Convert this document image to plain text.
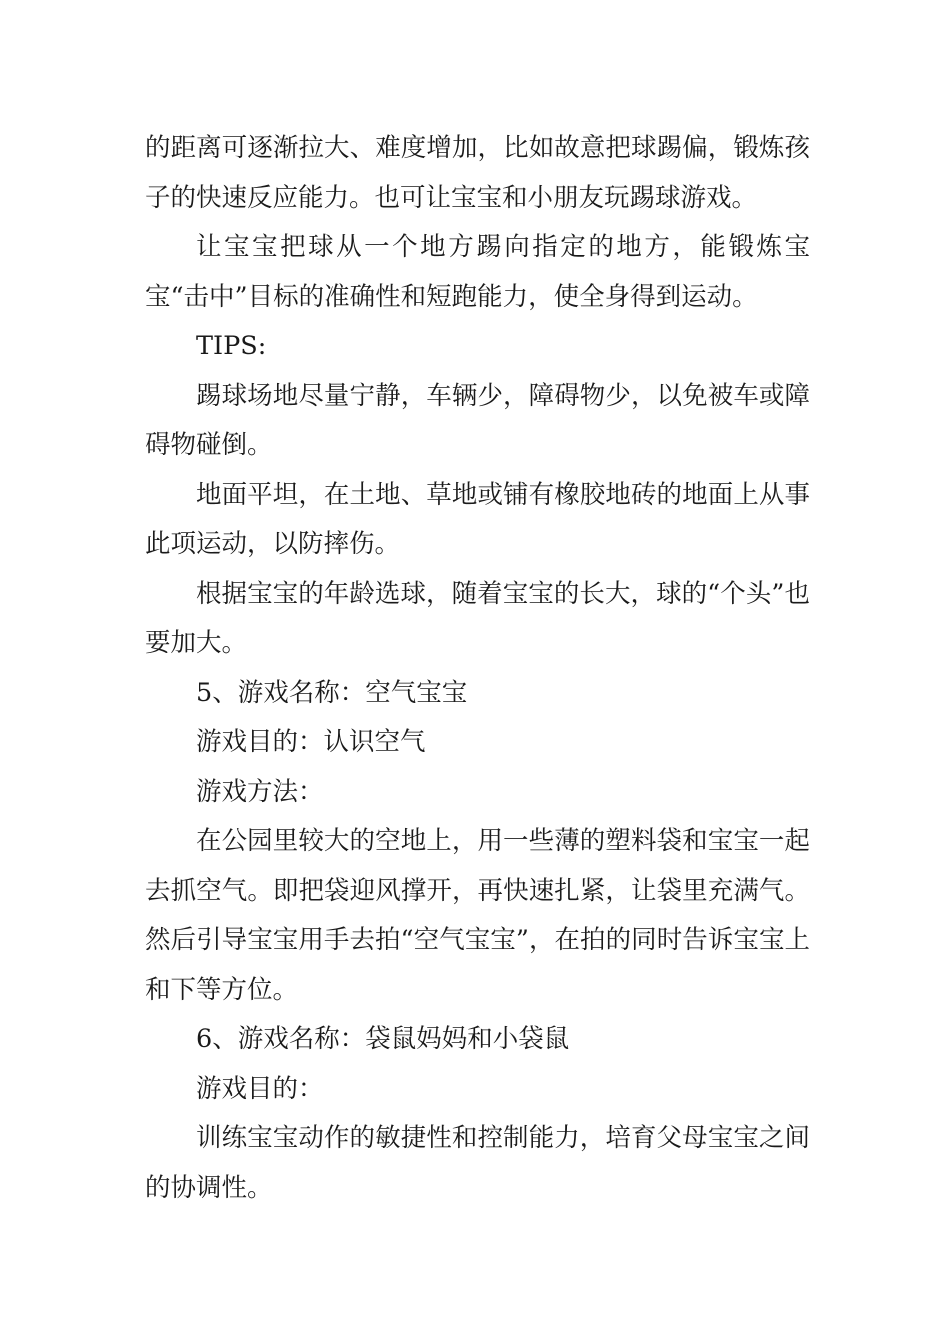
的距离可逐渐拉大、难度增加，比如故意把球踢偏，锻炼孩子的快速反应能力。也可让宝宝和小朋友玩踢球游戏。

让宝宝把球从一个地方踢向指定的地方，能锻炼宝宝“击中”目标的准确性和短跑能力，使全身得到运动。

TIPS:

踢球场地尽量宁静，车辆少，障碍物少，以免被车或障碍物碰倒。

地面平坦，在土地、草地或铺有橡胶地砖的地面上从事此项运动，以防摔伤。

根据宝宝的年龄选球，随着宝宝的长大，球的“个头”也要加大。

5、游戏名称：空气宝宝

游戏目的：认识空气

游戏方法：

在公园里较大的空地上，用一些薄的塑料袋和宝宝一起去抓空气。即把袋迎风撑开，再快速扎紧，让袋里充满气。然后引导宝宝用手去拍“空气宝宝”，在拍的同时告诉宝宝上和下等方位。

6、游戏名称：袋鼠妈妈和小袋鼠

游戏目的：

训练宝宝动作的敏捷性和控制能力，培育父母宝宝之间的协调性。
